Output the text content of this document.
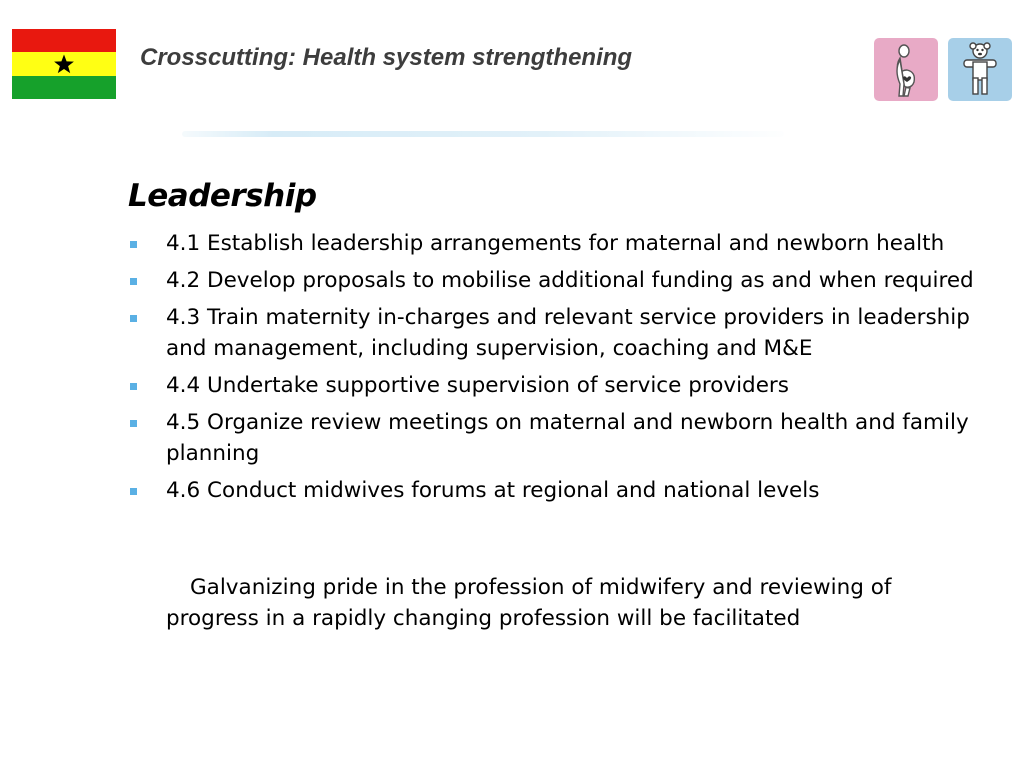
Crosscutting: Health system strengthening
Leadership
4.1 Establish leadership arrangements for maternal and newborn health
4.2 Develop proposals to mobilise additional funding as and when required
4.3 Train maternity in-charges and relevant service providers in leadership and management, including supervision, coaching and M&E
4.4 Undertake supportive supervision of service providers
4.5 Organize review meetings on maternal and newborn health and family planning
4.6 Conduct midwives forums at regional and national levels
Galvanizing pride in the profession of midwifery and reviewing of progress in a rapidly changing profession will be facilitated
